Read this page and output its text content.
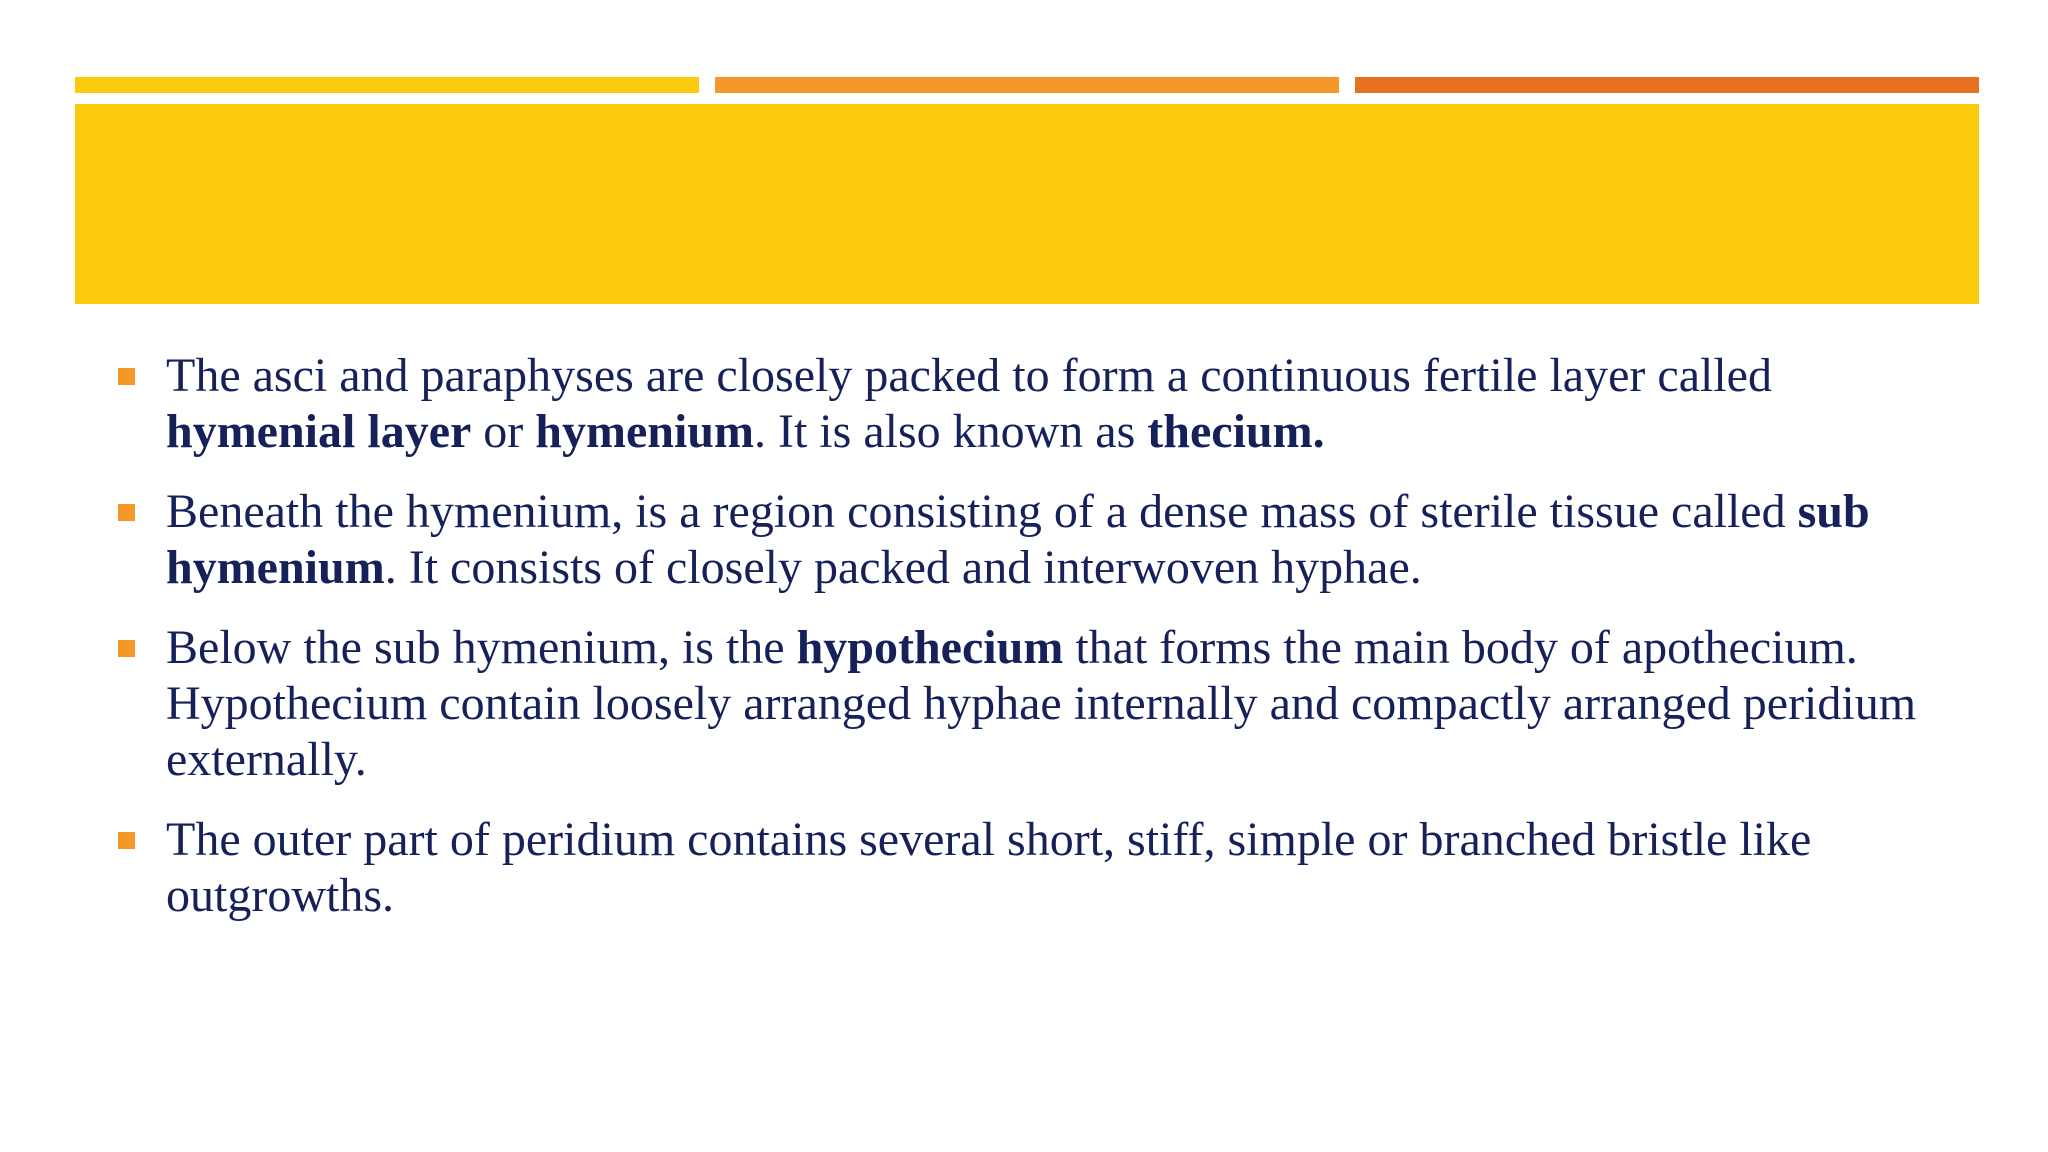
The asci and paraphyses are closely packed to form a continuous fertile layer called hymenial layer or hymenium. It is also known as thecium.
Beneath the hymenium, is a region consisting of a dense mass of sterile tissue called sub hymenium. It consists of closely packed and interwoven hyphae.
Below the sub hymenium, is the hypothecium that forms the main body of apothecium. Hypothecium contain loosely arranged hyphae internally and compactly arranged peridium externally.
The outer part of peridium contains several short, stiff, simple or branched bristle like outgrowths.
